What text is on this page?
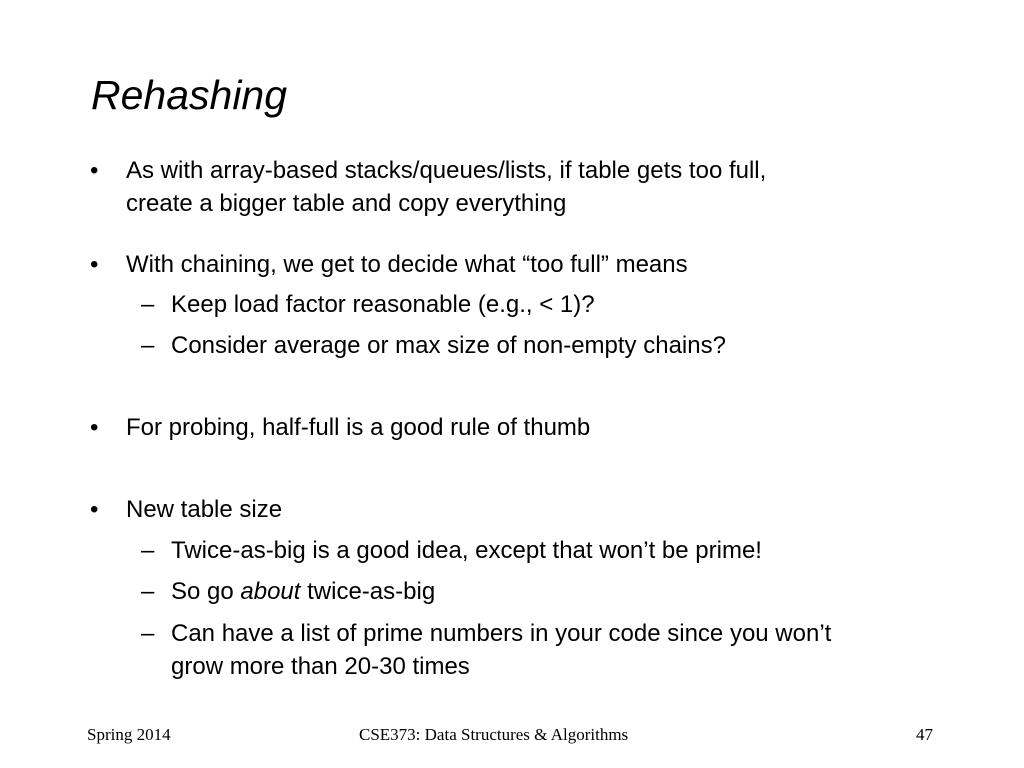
Rehashing
• As with array-based stacks/queues/lists, if table gets too full,
create a bigger table and copy everything
• With chaining, we get to decide what “too full” means
– Keep load factor reasonable (e.g., < 1)?
– Consider average or max size of non-empty chains?
• For probing, half-full is a good rule of thumb
• New table size
– Twice-as-big is a good idea, except that won’t be prime!
– So go about twice-as-big
– Can have a list of prime numbers in your code since you won’t
grow more than 20-30 times
Spring 2014	CSE373: Data Structures & Algorithms	47
